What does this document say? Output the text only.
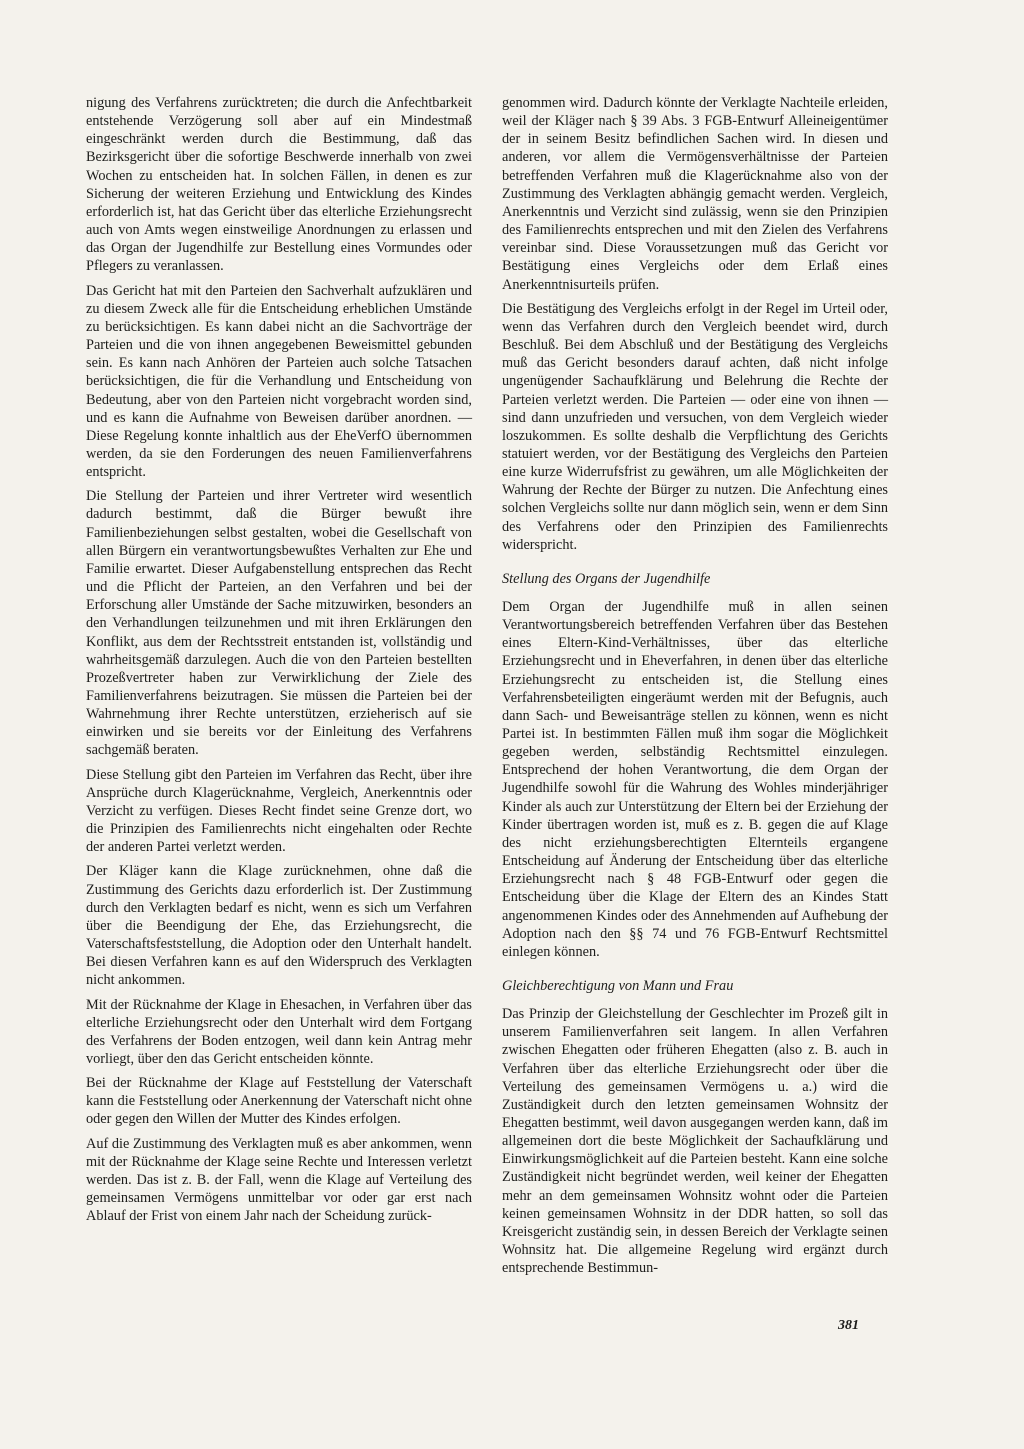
nigung des Verfahrens zurücktreten; die durch die Anfechtbarkeit entstehende Verzögerung soll aber auf ein Mindestmaß eingeschränkt werden durch die Bestimmung, daß das Bezirksgericht über die sofortige Beschwerde innerhalb von zwei Wochen zu entscheiden hat. In solchen Fällen, in denen es zur Sicherung der weiteren Erziehung und Entwicklung des Kindes erforderlich ist, hat das Gericht über das elterliche Erziehungsrecht auch von Amts wegen einstweilige Anordnungen zu erlassen und das Organ der Jugendhilfe zur Bestellung eines Vormundes oder Pflegers zu veranlassen.

Das Gericht hat mit den Parteien den Sachverhalt aufzuklären und zu diesem Zweck alle für die Entscheidung erheblichen Umstände zu berücksichtigen. Es kann dabei nicht an die Sachvorträge der Parteien und die von ihnen angegebenen Beweismittel gebunden sein. Es kann nach Anhören der Parteien auch solche Tatsachen berücksichtigen, die für die Verhandlung und Entscheidung von Bedeutung, aber von den Parteien nicht vorgebracht worden sind, und es kann die Aufnahme von Beweisen darüber anordnen. — Diese Regelung konnte inhaltlich aus der EheVerfO übernommen werden, da sie den Forderungen des neuen Familienverfahrens entspricht.

Die Stellung der Parteien und ihrer Vertreter wird wesentlich dadurch bestimmt, daß die Bürger bewußt ihre Familienbeziehungen selbst gestalten, wobei die Gesellschaft von allen Bürgern ein verantwortungsbewußtes Verhalten zur Ehe und Familie erwartet. Dieser Aufgabenstellung entsprechen das Recht und die Pflicht der Parteien, an den Verfahren und bei der Erforschung aller Umstände der Sache mitzuwirken, besonders an den Verhandlungen teilzunehmen und mit ihren Erklärungen den Konflikt, aus dem der Rechtsstreit entstanden ist, vollständig und wahrheitsgemäß darzulegen. Auch die von den Parteien bestellten Prozeßvertreter haben zur Verwirklichung der Ziele des Familienverfahrens beizutragen. Sie müssen die Parteien bei der Wahrnehmung ihrer Rechte unterstützen, erzieherisch auf sie einwirken und sie bereits vor der Einleitung des Verfahrens sachgemäß beraten.

Diese Stellung gibt den Parteien im Verfahren das Recht, über ihre Ansprüche durch Klagerücknahme, Vergleich, Anerkenntnis oder Verzicht zu verfügen. Dieses Recht findet seine Grenze dort, wo die Prinzipien des Familienrechts nicht eingehalten oder Rechte der anderen Partei verletzt werden.

Der Kläger kann die Klage zurücknehmen, ohne daß die Zustimmung des Gerichts dazu erforderlich ist. Der Zustimmung durch den Verklagten bedarf es nicht, wenn es sich um Verfahren über die Beendigung der Ehe, das Erziehungsrecht, die Vaterschaftsfeststellung, die Adoption oder den Unterhalt handelt. Bei diesen Verfahren kann es auf den Widerspruch des Verklagten nicht ankommen.

Mit der Rücknahme der Klage in Ehesachen, in Verfahren über das elterliche Erziehungsrecht oder den Unterhalt wird dem Fortgang des Verfahrens der Boden entzogen, weil dann kein Antrag mehr vorliegt, über den das Gericht entscheiden könnte.

Bei der Rücknahme der Klage auf Feststellung der Vaterschaft kann die Feststellung oder Anerkennung der Vaterschaft nicht ohne oder gegen den Willen der Mutter des Kindes erfolgen.

Auf die Zustimmung des Verklagten muß es aber ankommen, wenn mit der Rücknahme der Klage seine Rechte und Interessen verletzt werden. Das ist z. B. der Fall, wenn die Klage auf Verteilung des gemeinsamen Vermögens unmittelbar vor oder gar erst nach Ablauf der Frist von einem Jahr nach der Scheidung zurück-

genommen wird. Dadurch könnte der Verklagte Nachteile erleiden, weil der Kläger nach § 39 Abs. 3 FGB-Entwurf Alleineigentümer der in seinem Besitz befindlichen Sachen wird. In diesen und anderen, vor allem die Vermögensverhältnisse der Parteien betreffenden Verfahren muß die Klagerücknahme also von der Zustimmung des Verklagten abhängig gemacht werden. Vergleich, Anerkenntnis und Verzicht sind zulässig, wenn sie den Prinzipien des Familienrechts entsprechen und mit den Zielen des Verfahrens vereinbar sind. Diese Voraussetzungen muß das Gericht vor Bestätigung eines Vergleichs oder dem Erlaß eines Anerkenntnisurteils prüfen.

Die Bestätigung des Vergleichs erfolgt in der Regel im Urteil oder, wenn das Verfahren durch den Vergleich beendet wird, durch Beschluß. Bei dem Abschluß und der Bestätigung des Vergleichs muß das Gericht besonders darauf achten, daß nicht infolge ungenügender Sachaufklärung und Belehrung die Rechte der Parteien verletzt werden. Die Parteien — oder eine von ihnen — sind dann unzufrieden und versuchen, von dem Vergleich wieder loszukommen. Es sollte deshalb die Verpflichtung des Gerichts statuiert werden, vor der Bestätigung des Vergleichs den Parteien eine kurze Widerrufsfrist zu gewähren, um alle Möglichkeiten der Wahrung der Rechte der Bürger zu nutzen. Die Anfechtung eines solchen Vergleichs sollte nur dann möglich sein, wenn er dem Sinn des Verfahrens oder den Prinzipien des Familienrechts widerspricht.

Stellung des Organs der Jugendhilfe

Dem Organ der Jugendhilfe muß in allen seinen Verantwortungsbereich betreffenden Verfahren über das Bestehen eines Eltern-Kind-Verhältnisses, über das elterliche Erziehungsrecht und in Eheverfahren, in denen über das elterliche Erziehungsrecht zu entscheiden ist, die Stellung eines Verfahrensbeteiligten eingeräumt werden mit der Befugnis, auch dann Sach- und Beweisanträge stellen zu können, wenn es nicht Partei ist. In bestimmten Fällen muß ihm sogar die Möglichkeit gegeben werden, selbständig Rechtsmittel einzulegen. Entsprechend der hohen Verantwortung, die dem Organ der Jugendhilfe sowohl für die Wahrung des Wohles minderjähriger Kinder als auch zur Unterstützung der Eltern bei der Erziehung der Kinder übertragen worden ist, muß es z. B. gegen die auf Klage des nicht erziehungsberechtigten Elternteils ergangene Entscheidung auf Änderung der Entscheidung über das elterliche Erziehungsrecht nach § 48 FGB-Entwurf oder gegen die Entscheidung über die Klage der Eltern des an Kindes Statt angenommenen Kindes oder des Annehmenden auf Aufhebung der Adoption nach den §§ 74 und 76 FGB-Entwurf Rechtsmittel einlegen können.

Gleichberechtigung von Mann und Frau

Das Prinzip der Gleichstellung der Geschlechter im Prozeß gilt in unserem Familienverfahren seit langem. In allen Verfahren zwischen Ehegatten oder früheren Ehegatten (also z. B. auch in Verfahren über das elterliche Erziehungsrecht oder über die Verteilung des gemeinsamen Vermögens u. a.) wird die Zuständigkeit durch den letzten gemeinsamen Wohnsitz der Ehegatten bestimmt, weil davon ausgegangen werden kann, daß im allgemeinen dort die beste Möglichkeit der Sachaufklärung und Einwirkungsmöglichkeit auf die Parteien besteht. Kann eine solche Zuständigkeit nicht begründet werden, weil keiner der Ehegatten mehr an dem gemeinsamen Wohnsitz wohnt oder die Parteien keinen gemeinsamen Wohnsitz in der DDR hatten, so soll das Kreisgericht zuständig sein, in dessen Bereich der Verklagte seinen Wohnsitz hat. Die allgemeine Regelung wird ergänzt durch entsprechende Bestimmun-

381
